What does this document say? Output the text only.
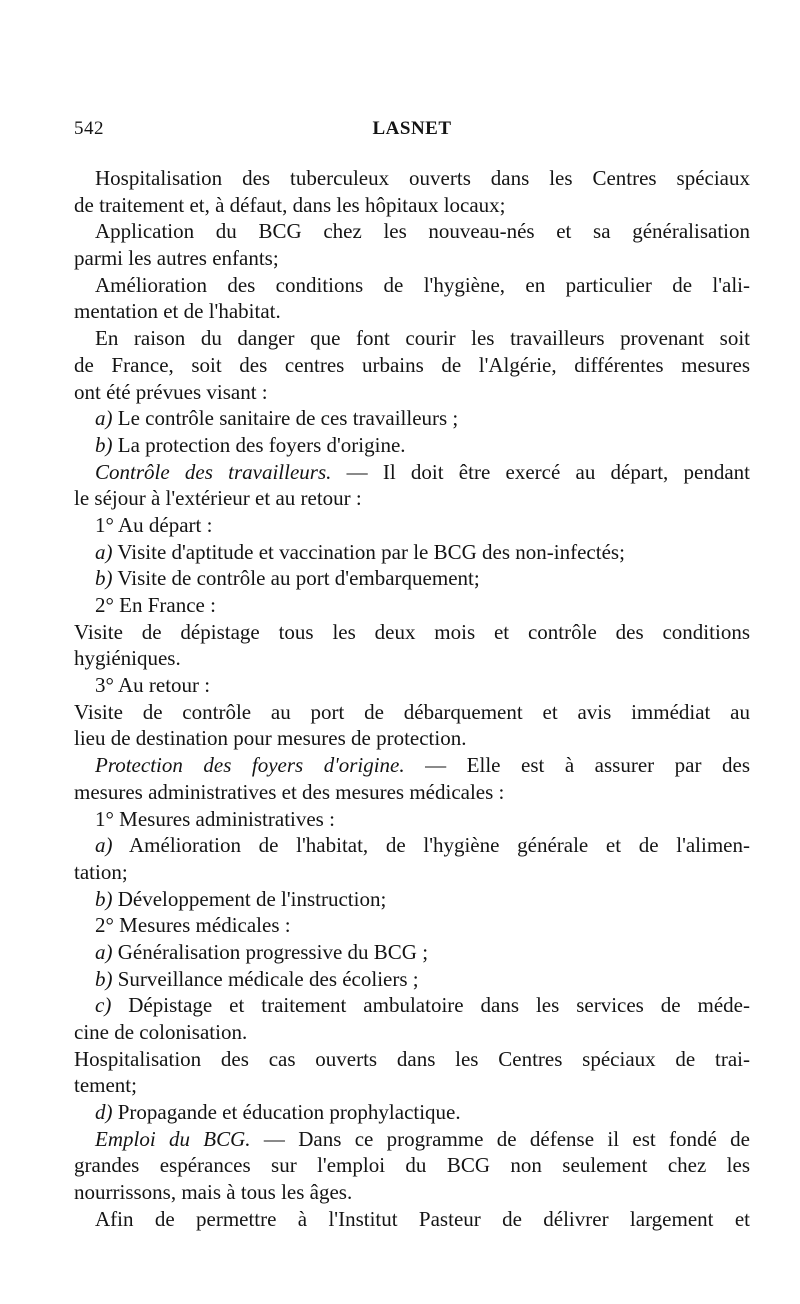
542	LASNET
Hospitalisation des tuberculeux ouverts dans les Centres spéciaux
de traitement et, à défaut, dans les hôpitaux locaux;
Application du BCG chez les nouveau-nés et sa généralisation
parmi les autres enfants;
Amélioration des conditions de l'hygiène, en particulier de l'ali-
mentation et de l'habitat.
En raison du danger que font courir les travailleurs provenant soit
de France, soit des centres urbains de l'Algérie, différentes mesures
ont été prévues visant :
a) Le contrôle sanitaire de ces travailleurs ;
b) La protection des foyers d'origine.
Contrôle des travailleurs. — Il doit être exercé au départ, pendant
le séjour à l'extérieur et au retour :
1° Au départ :
a) Visite d'aptitude et vaccination par le BCG des non-infectés;
b) Visite de contrôle au port d'embarquement;
2° En France :
Visite de dépistage tous les deux mois et contrôle des conditions
hygiéniques.
3° Au retour :
Visite de contrôle au port de débarquement et avis immédiat au
lieu de destination pour mesures de protection.
Protection des foyers d'origine. — Elle est à assurer par des
mesures administratives et des mesures médicales :
1° Mesures administratives :
a) Amélioration de l'habitat, de l'hygiène générale et de l'alimen-
tation;
b) Développement de l'instruction;
2° Mesures médicales :
a) Généralisation progressive du BCG ;
b) Surveillance médicale des écoliers ;
c) Dépistage et traitement ambulatoire dans les services de méde-
cine de colonisation.
Hospitalisation des cas ouverts dans les Centres spéciaux de trai-
tement;
d) Propagande et éducation prophylactique.
Emploi du BCG. — Dans ce programme de défense il est fondé de
grandes espérances sur l'emploi du BCG non seulement chez les
nourrissons, mais à tous les âges.
Afin de permettre à l'Institut Pasteur de délivrer largement et
